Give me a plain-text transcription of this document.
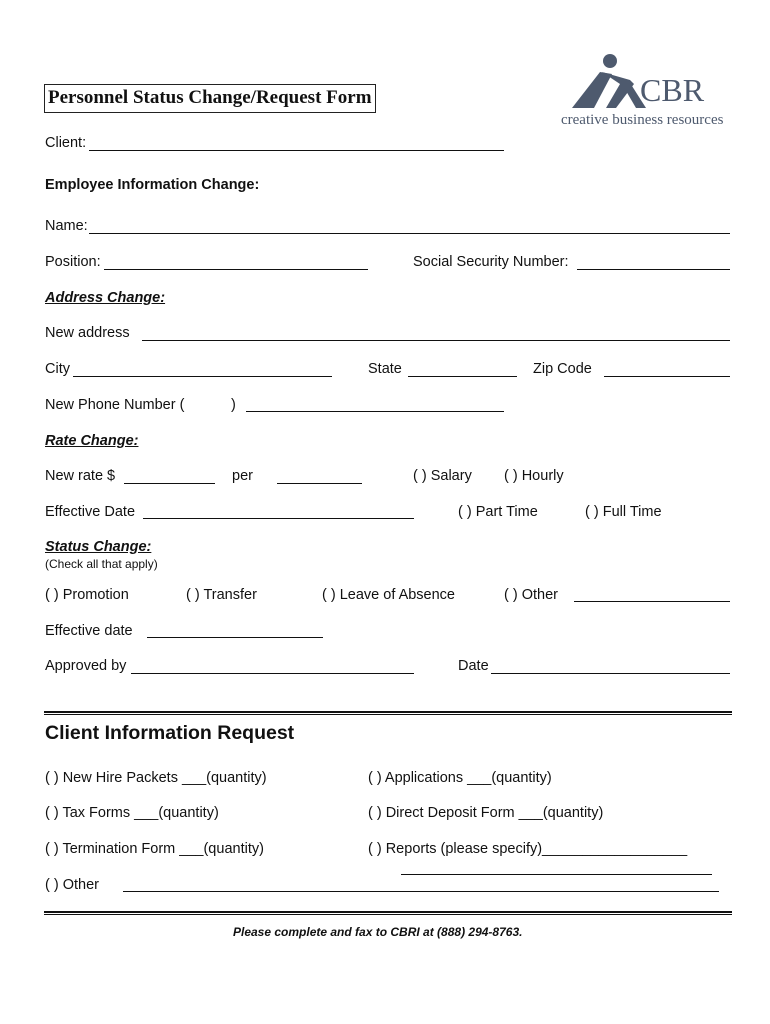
CBR
creative business resources
Personnel Status Change/Request Form
Client:
Employee Information Change:
Name:
Position:	Social Security Number:
Address Change:
New address
City	State	Zip Code
New Phone Number (	)
Rate Change:
New rate $	per	( ) Salary ( ) Hourly
Effective Date	( ) Part Time	( ) Full Time
Status Change:
(Check all that apply)
( ) Promotion	( ) Transfer	( ) Leave of Absence	( ) Other
Effective date
Approved by	Date
Client Information Request
( ) New Hire Packets ___(quantity)	( ) Applications ___(quantity)
( ) Tax Forms ___(quantity)	( ) Direct Deposit Form ___(quantity)
( ) Termination Form ___(quantity)	( ) Reports (please specify)__________________
( ) Other
Please complete and fax to CBRI at (888) 294-8763.
